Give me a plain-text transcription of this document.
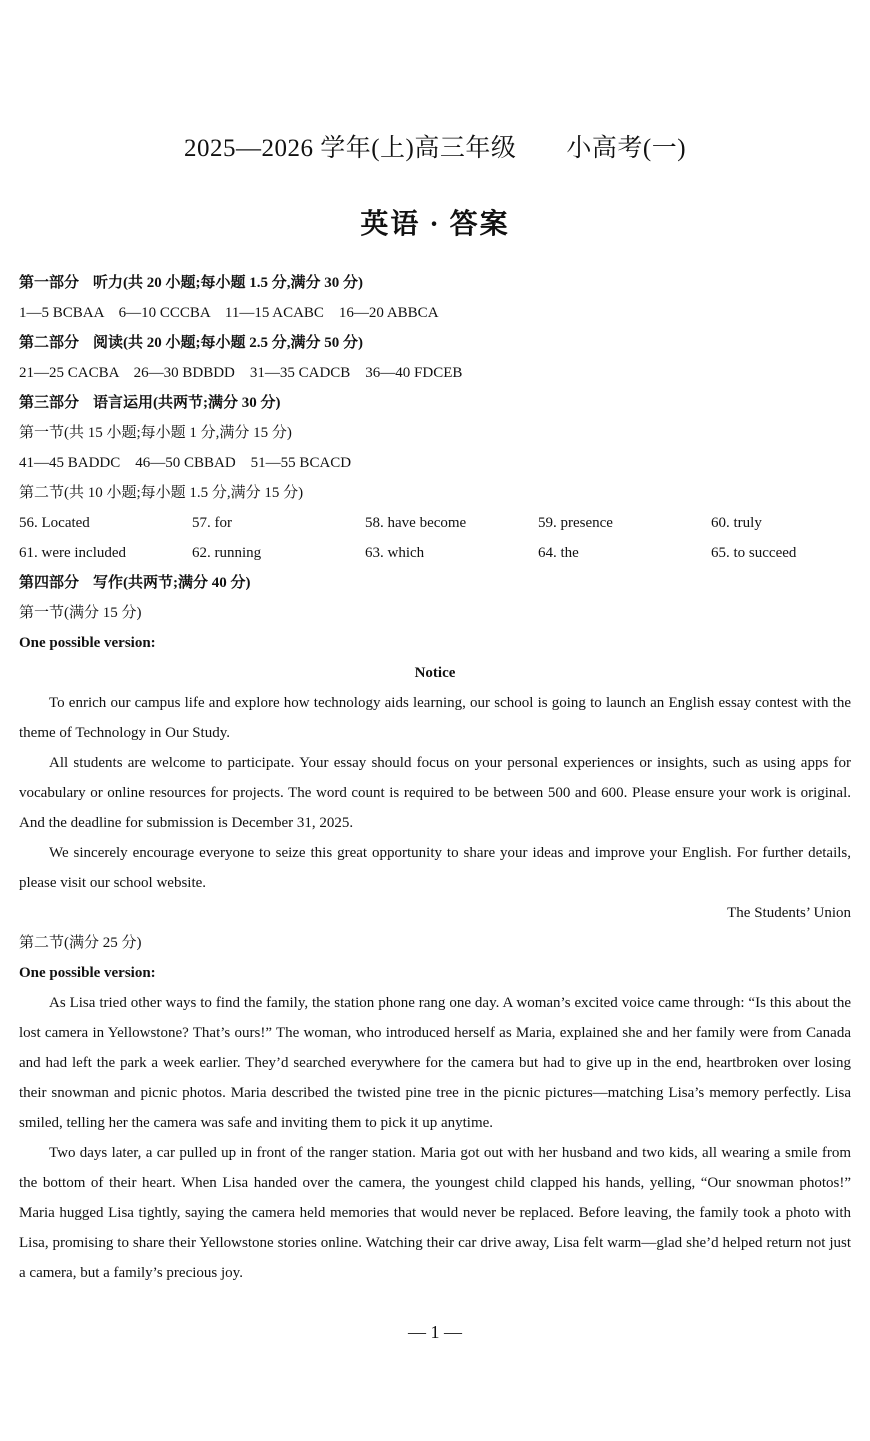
2025—2026 学年(上)高三年级 小高考(一)
英语 · 答案
第一部分 听力(共 20 小题;每小题 1.5 分,满分 30 分)
1—5 BCBAA    6—10 CCCBA    11—15 ACABC    16—20 ABBCA
第二部分 阅读(共 20 小题;每小题 2.5 分,满分 50 分)
21—25 CACBA    26—30 BDBDD    31—35 CADCB    36—40 FDCEB
第三部分 语言运用(共两节;满分 30 分)
第一节(共 15 小题;每小题 1 分,满分 15 分)
41—45 BADDC    46—50 CBBAD    51—55 BCACD
第二节(共 10 小题;每小题 1.5 分,满分 15 分)
56. Located	57. for	58. have become	59. presence	60. truly
61. were included	62. running	63. which	64. the	65. to succeed
第四部分 写作(共两节;满分 40 分)
第一节(满分 15 分)
One possible version:
Notice

To enrich our campus life and explore how technology aids learning, our school is going to launch an English essay contest with the theme of Technology in Our Study.

All students are welcome to participate. Your essay should focus on your personal experiences or insights, such as using apps for vocabulary or online resources for projects. The word count is required to be between 500 and 600. Please ensure your work is original. And the deadline for submission is December 31, 2025.

We sincerely encourage everyone to seize this great opportunity to share your ideas and improve your English. For further details, please visit our school website.

The Students’ Union
第二节(满分 25 分)
One possible version:

As Lisa tried other ways to find the family, the station phone rang one day. A woman’s excited voice came through: “Is this about the lost camera in Yellowstone? That’s ours!” The woman, who introduced herself as Maria, explained she and her family were from Canada and had left the park a week earlier. They’d searched everywhere for the camera but had to give up in the end, heartbroken over losing their snowman and picnic photos. Maria described the twisted pine tree in the picnic pictures—matching Lisa’s memory perfectly. Lisa smiled, telling her the camera was safe and inviting them to pick it up anytime.

Two days later, a car pulled up in front of the ranger station. Maria got out with her husband and two kids, all wearing a smile from the bottom of their heart. When Lisa handed over the camera, the youngest child clapped his hands, yelling, “Our snowman photos!” Maria hugged Lisa tightly, saying the camera held memories that would never be replaced. Before leaving, the family took a photo with Lisa, promising to share their Yellowstone stories online. Watching their car drive away, Lisa felt warm—glad she’d helped return not just a camera, but a family’s precious joy.

— 1 —
